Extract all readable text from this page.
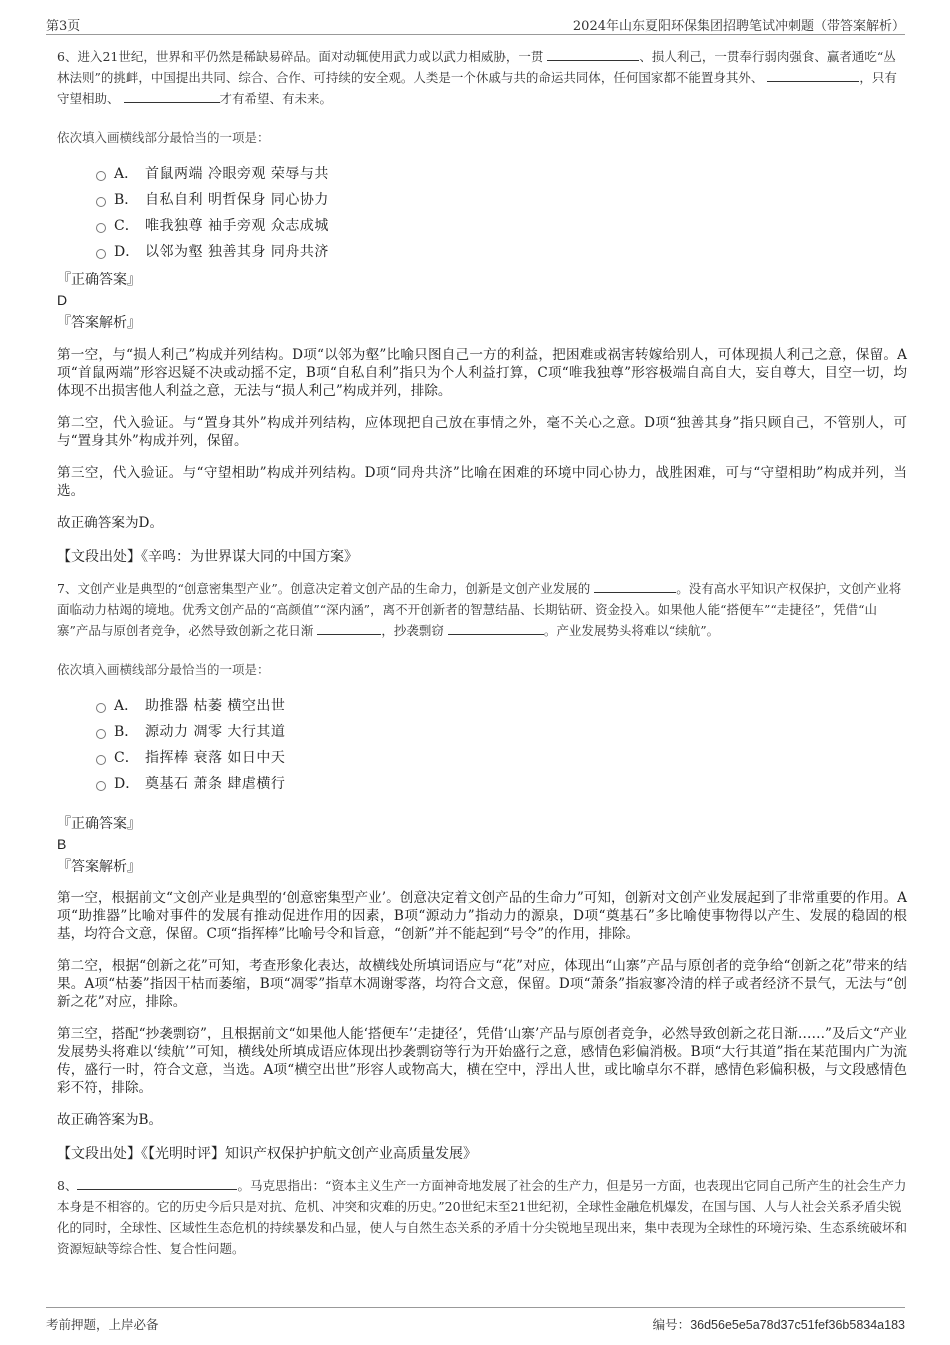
第3页	2024年山东夏阳环保集团招聘笔试冲刺题（带答案解析）

6、进入21世纪，世界和平仍然是稀缺易碎品。面对动辄使用武力或以武力相威胁，一贯	、损人利己，一贯奉行弱肉强食、赢者通吃“丛林法则”的挑衅，中国提出共同、综合、合作、可持续的安全观。人类是一个休戚与共的命运共同体，任何国家都不能置身其外、	，只有守望相助、	才有希望、有未来。

依次填入画横线部分最恰当的一项是：

A． 首鼠两端 冷眼旁观 荣辱与共
B． 自私自利 明哲保身 同心协力
C． 唯我独尊 袖手旁观 众志成城
D． 以邻为壑 独善其身 同舟共济

『正确答案』

D

『答案解析』

第一空，与“损人利己”构成并列结构。D项“以邻为壑”比喻只图自己一方的利益，把困难或祸害转嫁给别人，可体现损人利己之意，保留。A项“首鼠两端”形容迟疑不决或动摇不定，B项“自私自利”指只为个人利益打算，C项“唯我独尊”形容极端自高自大，妄自尊大，目空一切，均体现不出损害他人利益之意，无法与“损人利己”构成并列，排除。

第二空，代入验证。与“置身其外”构成并列结构，应体现把自己放在事情之外，毫不关心之意。D项“独善其身”指只顾自己，不管别人，可与“置身其外”构成并列，保留。

第三空，代入验证。与“守望相助”构成并列结构。D项“同舟共济”比喻在困难的环境中同心协力，战胜困难，可与“守望相助”构成并列，当选。

故正确答案为D。

【文段出处】《辛鸣：为世界谋大同的中国方案》

7、文创产业是典型的“创意密集型产业”。创意决定着文创产品的生命力，创新是文创产业发展的	。没有高水平知识产权保护，文创产业将面临动力枯竭的境地。优秀文创产品的“高颜值”“深内涵”，离不开创新者的智慧结晶、长期钻研、资金投入。如果他人能“搭便车”“走捷径”，凭借“山寨”产品与原创者竞争，必然导致创新之花日渐	，抄袭剽窃	。产业发展势头将难以“续航”。

依次填入画横线部分最恰当的一项是：

A． 助推器 枯萎 横空出世
B． 源动力 凋零 大行其道
C． 指挥棒 衰落 如日中天
D． 奠基石 萧条 肆虐横行

『正确答案』

B

『答案解析』

第一空，根据前文“文创产业是典型的‘创意密集型产业’。创意决定着文创产品的生命力”可知，创新对文创产业发展起到了非常重要的作用。A项“助推器”比喻对事件的发展有推动促进作用的因素，B项“源动力”指动力的源泉，D项“奠基石”多比喻使事物得以产生、发展的稳固的根基，均符合文意，保留。C项“指挥棒”比喻号令和旨意，“创新”并不能起到“号令”的作用，排除。

第二空，根据“创新之花”可知，考查形象化表达，故横线处所填词语应与“花”对应，体现出“山寨”产品与原创者的竞争给“创新之花”带来的结果。A项“枯萎”指因干枯而萎缩，B项“凋零”指草木凋谢零落，均符合文意，保留。D项“萧条”指寂寥冷清的样子或者经济不景气，无法与“创新之花”对应，排除。

第三空，搭配“抄袭剽窃”，且根据前文“如果他人能‘搭便车’‘走捷径’，凭借‘山寨’产品与原创者竞争，必然导致创新之花日渐……”及后文“产业发展势头将难以‘续航’”可知，横线处所填成语应体现出抄袭剽窃等行为开始盛行之意，感情色彩偏消极。B项“大行其道”指在某范围内广为流传，盛行一时，符合文意，当选。A项“横空出世”形容人或物高大，横在空中，浮出人世，或比喻卓尔不群，感情色彩偏积极，与文段感情色彩不符，排除。

故正确答案为B。

【文段出处】《【光明时评】知识产权保护护航文创产业高质量发展》

8、	。马克思指出：“资本主义生产一方面神奇地发展了社会的生产力，但是另一方面，也表现出它同自己所产生的社会生产力本身是不相容的。它的历史今后只是对抗、危机、冲突和灾难的历史。”20世纪末至21世纪初，全球性金融危机爆发，在国与国、人与人社会关系矛盾尖锐化的同时，全球性、区域性生态危机的持续暴发和凸显，使人与自然生态关系的矛盾十分尖锐地呈现出来，集中表现为全球性的环境污染、生态系统破坏和资源短缺等综合性、复合性问题。

考前押题，上岸必备	编号：36d56e5e5a78d37c51fef36b5834a183
